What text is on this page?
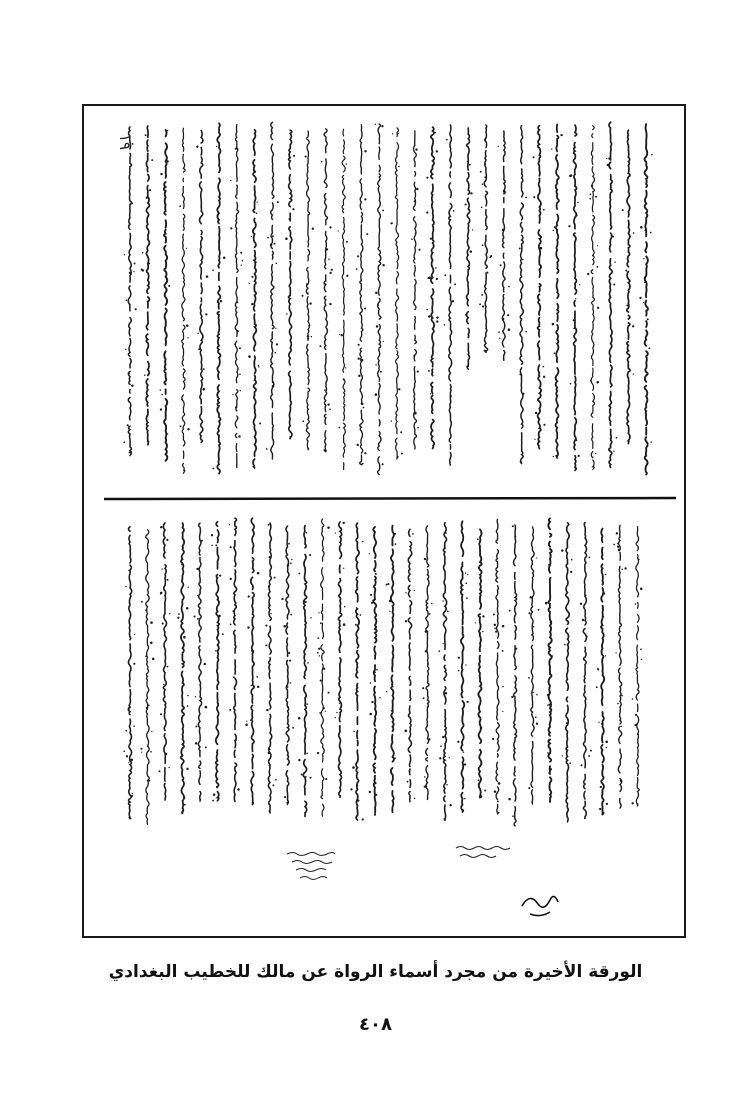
١٩
الورقة الأخيرة من مجرد أسماء الرواة عن مالك للخطيب البغدادي
٤٠٨
